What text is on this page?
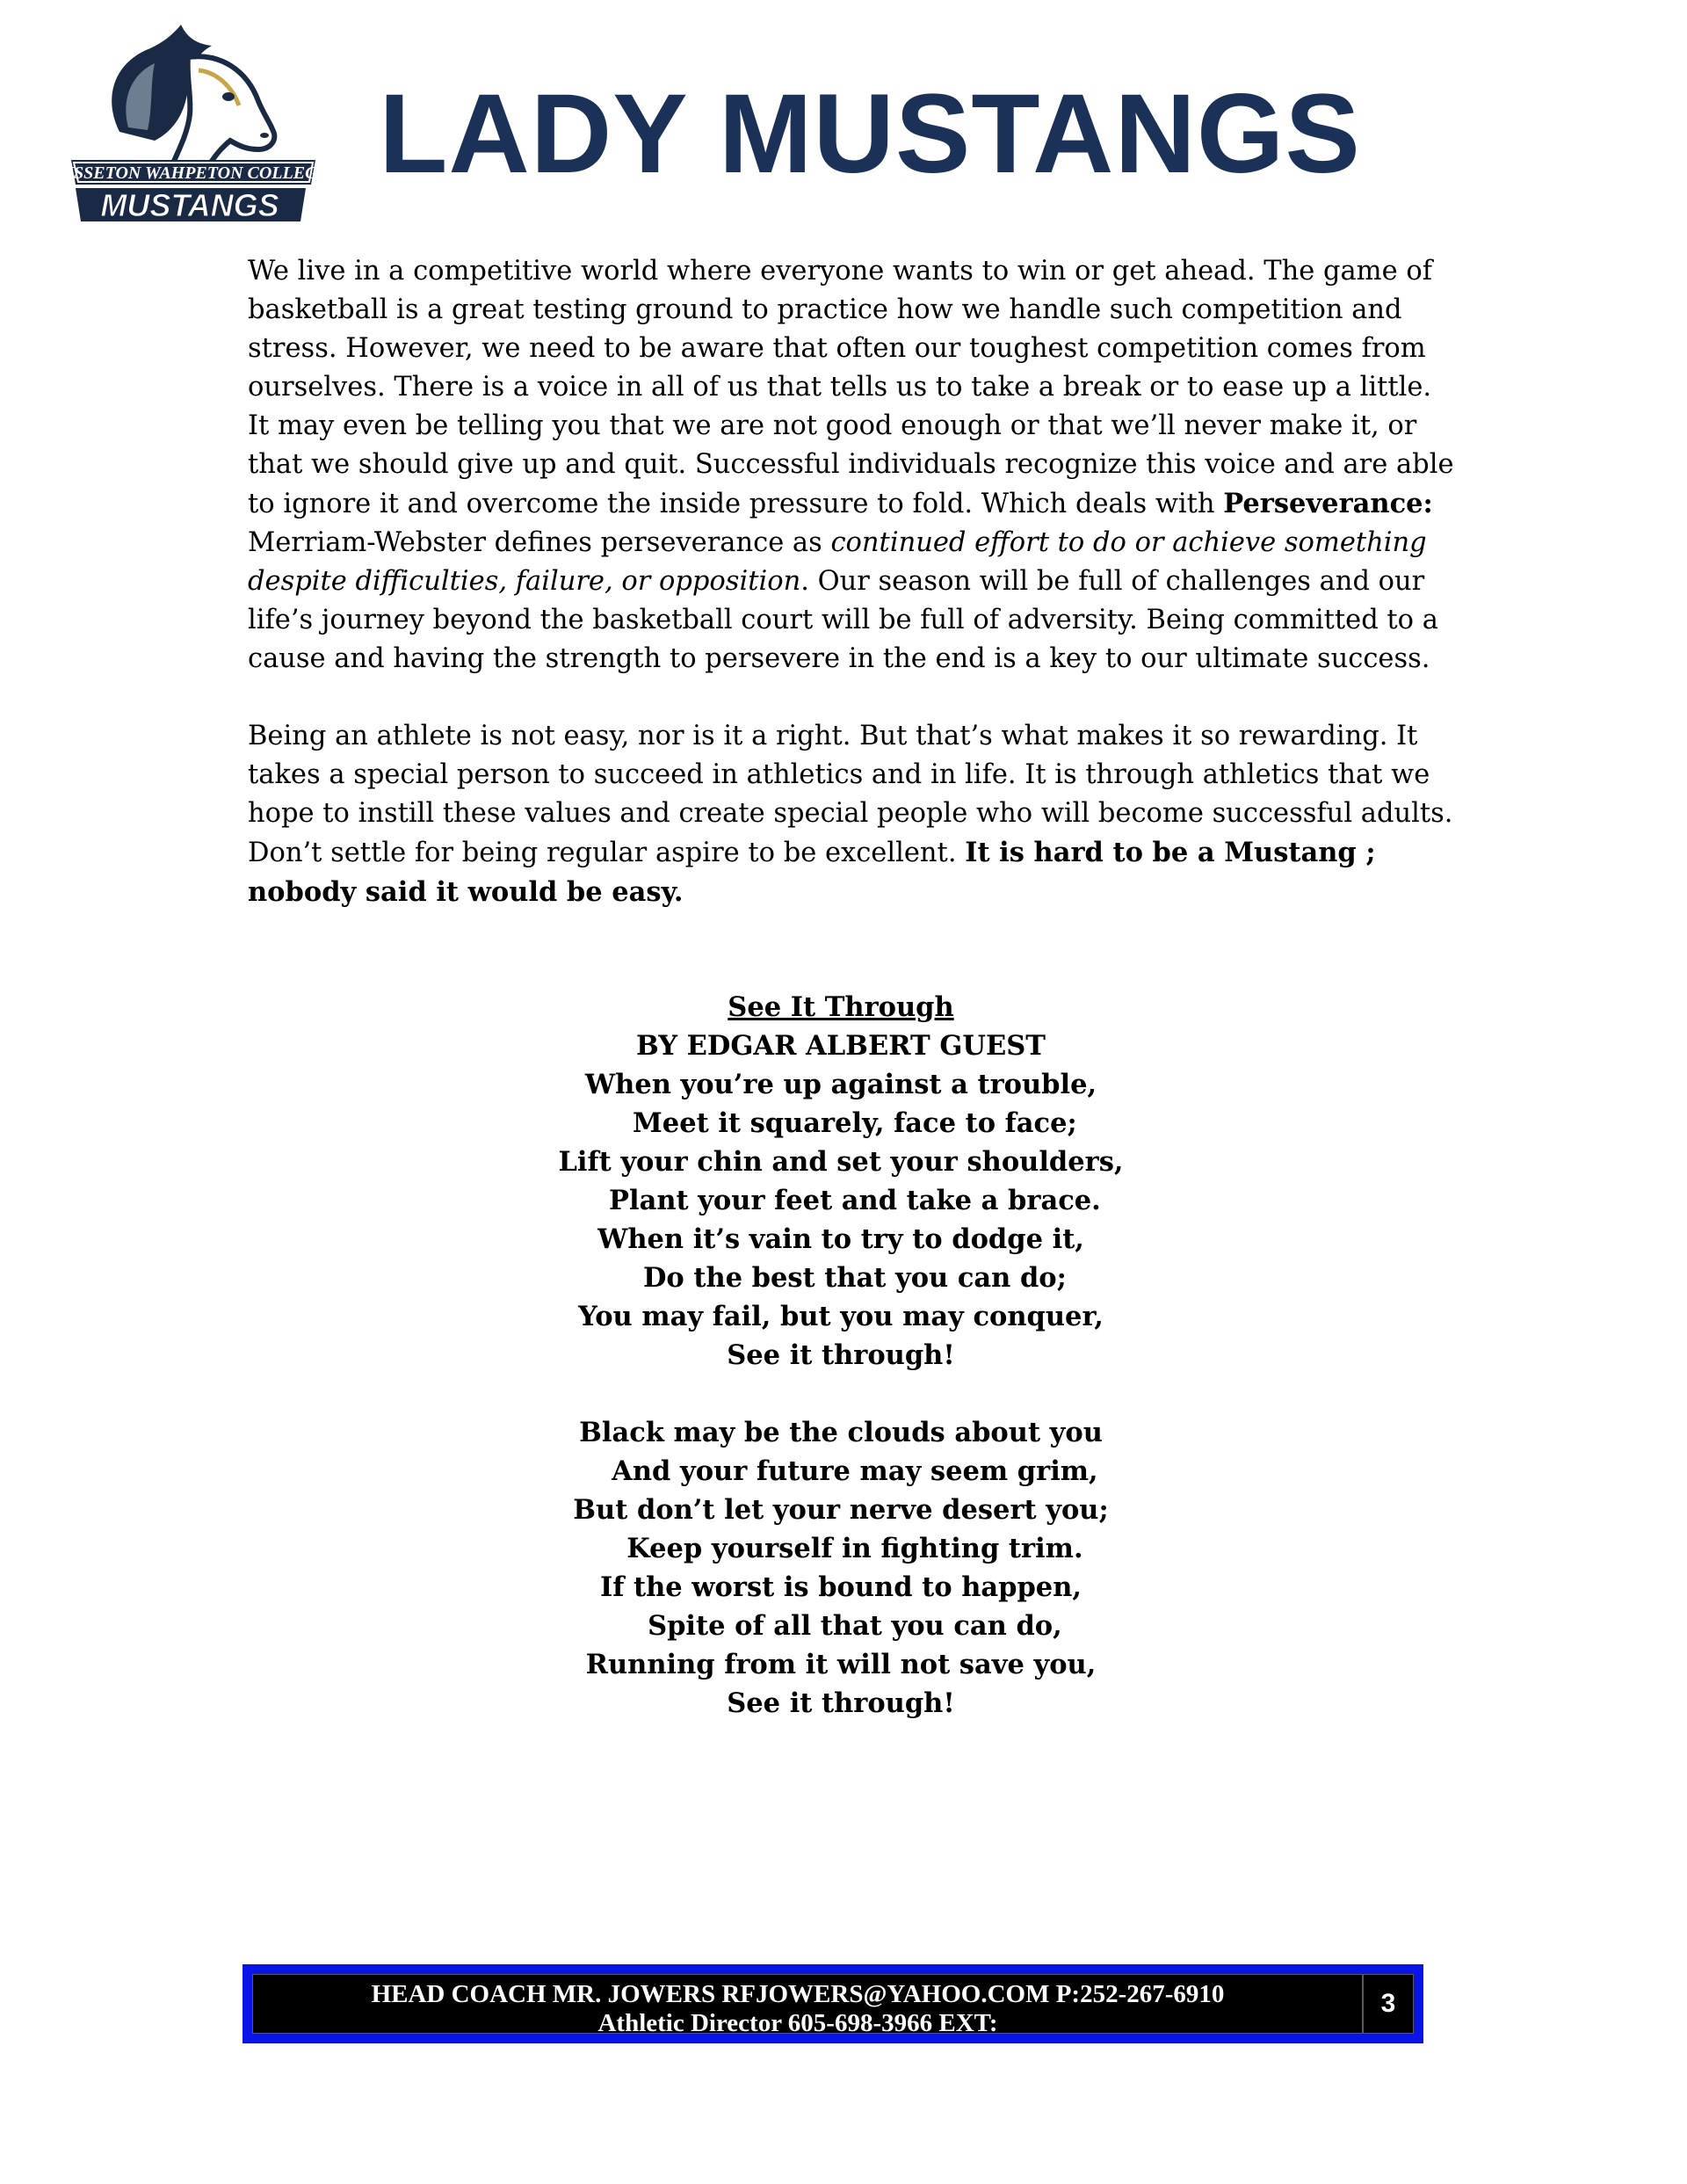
SISSETON WAHPETON COLLEGE
MUSTANGS
LADY MUSTANGS

We live in a competitive world where everyone wants to win or get ahead. The game of basketball is a great testing ground to practice how we handle such competition and stress. However, we need to be aware that often our toughest competition comes from ourselves. There is a voice in all of us that tells us to take a break or to ease up a little. It may even be telling you that we are not good enough or that we’ll never make it, or that we should give up and quit. Successful individuals recognize this voice and are able to ignore it and overcome the inside pressure to fold. Which deals with Perseverance: Merriam-Webster defines perseverance as continued effort to do or achieve something despite difficulties, failure, or opposition. Our season will be full of challenges and our life’s journey beyond the basketball court will be full of adversity. Being committed to a cause and having the strength to persevere in the end is a key to our ultimate success.

Being an athlete is not easy, nor is it a right. But that’s what makes it so rewarding. It takes a special person to succeed in athletics and in life. It is through athletics that we hope to instill these values and create special people who will become successful adults. Don’t settle for being regular aspire to be excellent. It is hard to be a Mustang ; nobody said it would be easy.

See It Through
BY EDGAR ALBERT GUEST
When you’re up against a trouble,
Meet it squarely, face to face;
Lift your chin and set your shoulders,
Plant your feet and take a brace.
When it’s vain to try to dodge it,
Do the best that you can do;
You may fail, but you may conquer,
See it through!
Black may be the clouds about you
And your future may seem grim,
But don’t let your nerve desert you;
Keep yourself in fighting trim.
If the worst is bound to happen,
Spite of all that you can do,
Running from it will not save you,
See it through!
HEAD COACH MR. JOWERS RFJOWERS@YAHOO.COM P:252-267-6910
Athletic Director 605-698-3966 EXT:
3
